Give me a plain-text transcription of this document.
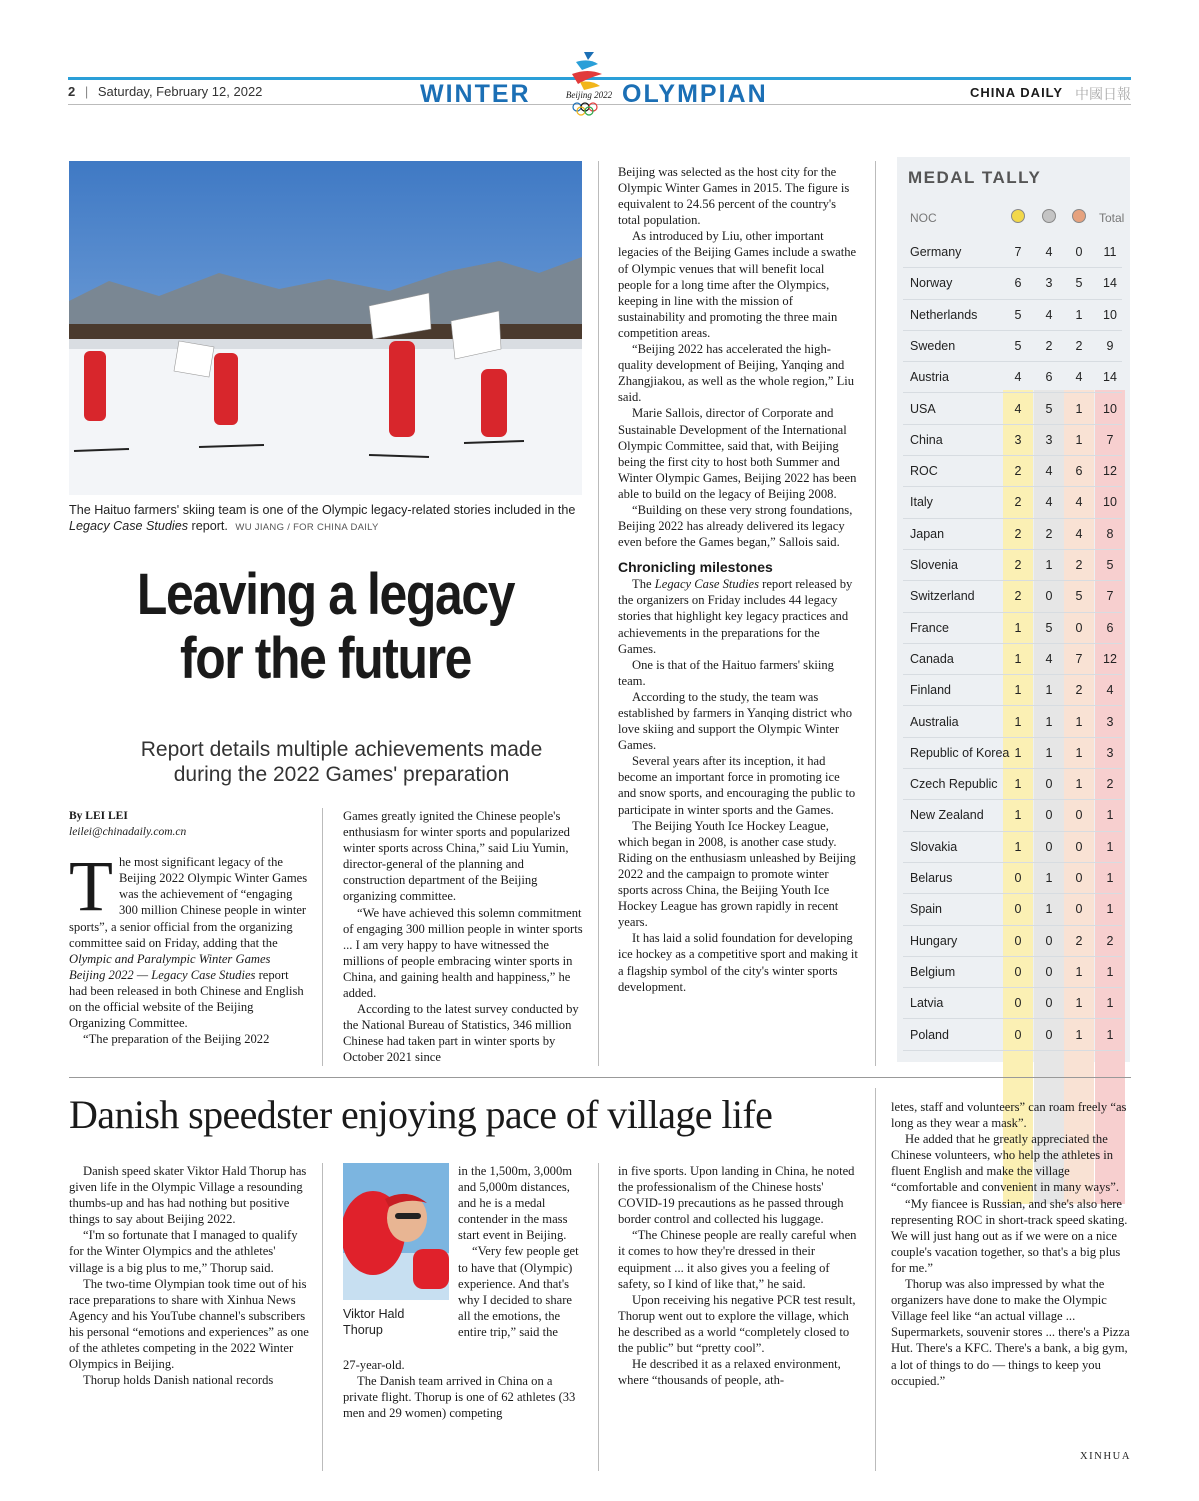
2 | Saturday, February 12, 2022	WINTER	OLYMPIAN
Beijing 2022	CHINA DAILY 中國日報
The Haituo farmers' skiing team is one of the Olympic legacy-related stories included in the Legacy Case Studies report. WU JIANG / FOR CHINA DAILY
Leaving a legacy
for the future
Report details multiple achievements made
during the 2022 Games' preparation

By LEI LEI

leilei@chinadaily.com.cn

The most significant legacy of the Beijing 2022 Olympic Winter Games was the achievement of “engaging 300 million Chinese people in winter sports”, a senior official from the organizing committee said on Friday, adding that the Olympic and Paralympic Winter Games Beijing 2022 — Legacy Case Studies report had been released in both Chinese and English on the official website of the Beijing Organizing Committee.

“The preparation of the Beijing 2022

Games greatly ignited the Chinese people's enthusiasm for winter sports and popularized winter sports across China,” said Liu Yumin, director-general of the planning and construction department of the Beijing organizing committee.

“We have achieved this solemn commitment of engaging 300 million people in winter sports ... I am very happy to have witnessed the millions of people embracing winter sports in China, and gaining health and happiness,” he added.

According to the latest survey conducted by the National Bureau of Statistics, 346 million Chinese had taken part in winter sports by October 2021 since

Beijing was selected as the host city for the Olympic Winter Games in 2015. The figure is equivalent to 24.56 percent of the country's total population.

As introduced by Liu, other important legacies of the Beijing Games include a swathe of Olympic venues that will benefit local people for a long time after the Olympics, keeping in line with the mission of sustainability and promoting the three main competition areas.

“Beijing 2022 has accelerated the high-quality development of Beijing, Yanqing and Zhangjiakou, as well as the whole region,” Liu said.

Marie Sallois, director of Corporate and Sustainable Development of the International Olympic Committee, said that, with Beijing being the first city to host both Summer and Winter Olympic Games, Beijing 2022 has been able to build on the legacy of Beijing 2008.

“Building on these very strong foundations, Beijing 2022 has already delivered its legacy even before the Games began,” Sallois said.

Chronicling milestones

The Legacy Case Studies report released by the organizers on Friday includes 44 legacy stories that highlight key legacy practices and achievements in the preparations for the Games.

One is that of the Haituo farmers' skiing team.

According to the study, the team was established by farmers in Yanqing district who love skiing and support the Olympic Winter Games.

Several years after its inception, it had become an important force in promoting ice and snow sports, and encouraging the public to participate in winter sports and the Games.

The Beijing Youth Ice Hockey League, which began in 2008, is another case study. Riding on the enthusiasm unleashed by Beijing 2022 and the campaign to promote winter sports across China, the Beijing Youth Ice Hockey League has grown rapidly in recent years.

It has laid a solid foundation for developing ice hockey as a competitive sport and making it a flagship symbol of the city's winter sports development.

MEDAL TALLY
NOC	Total
Germany	7	4	0	11
Norway	6	3	5	14
Netherlands	5	4	1	10
Sweden	5	2	2	9
Austria	4	6	4	14
USA	4	5	1	10
China	3	3	1	7
ROC	2	4	6	12
Italy	2	4	4	10
Japan	2	2	4	8
Slovenia	2	1	2	5
Switzerland	2	0	5	7
France	1	5	0	6
Canada	1	4	7	12
Finland	1	1	2	4
Australia	1	1	1	3
Republic of Korea 1	1	1	3
Czech Republic	1	0	1	2
New Zealand	1	0	0	1
Slovakia	1	0	0	1
Belarus	0	1	0	1
Spain	0	1	0	1
Hungary	0	0	2	2
Belgium	0	0	1	1
Latvia	0	0	1	1
Poland	0	0	1	1
Danish speedster enjoying pace of village life

Danish speed skater Viktor Hald Thorup has given life in the Olympic Village a resounding thumbs-up and has had nothing but positive things to say about Beijing 2022.

“I'm so fortunate that I managed to qualify for the Winter Olympics and the athletes' village is a big plus to me,” Thorup said.

The two-time Olympian took time out of his race preparations to share with Xinhua News Agency and his YouTube channel's subscribers his personal “emotions and experiences” as one of the athletes competing in the 2022 Winter Olympics in Beijing.

Thorup holds Danish national records

Viktor Hald
Thorup

in the 1,500m, 3,000m and 5,000m distances, and he is a medal contender in the mass start event in Beijing.

“Very few people get to have that (Olympic) experience. And that's why I decided to share all the emotions, the entire trip,” said the

27-year-old.

The Danish team arrived in China on a private flight. Thorup is one of 62 athletes (33 men and 29 women) competing

in five sports. Upon landing in China, he noted the professionalism of the Chinese hosts' COVID-19 precautions as he passed through border control and collected his luggage.

“The Chinese people are really careful when it comes to how they're dressed in their equipment ... it also gives you a feeling of safety, so I kind of like that,” he said.

Upon receiving his negative PCR test result, Thorup went out to explore the village, which he described as a world “completely closed to the public” but “pretty cool”.

He described it as a relaxed environment, where “thousands of people, ath-

letes, staff and volunteers” can roam freely “as long as they wear a mask”.

He added that he greatly appreciated the Chinese volunteers, who help the athletes in fluent English and make the village “comfortable and convenient in many ways”.

“My fiancee is Russian, and she's also here representing ROC in short-track speed skating. We will just hang out as if we were on a nice couple's vacation together, so that's a big plus for me.”

Thorup was also impressed by what the organizers have done to make the Olympic Village feel like “an actual village ... Supermarkets, souvenir stores ... there's a Pizza Hut. There's a KFC. There's a bank, a big gym, a lot of things to do — things to keep you occupied.”

XINHUA
